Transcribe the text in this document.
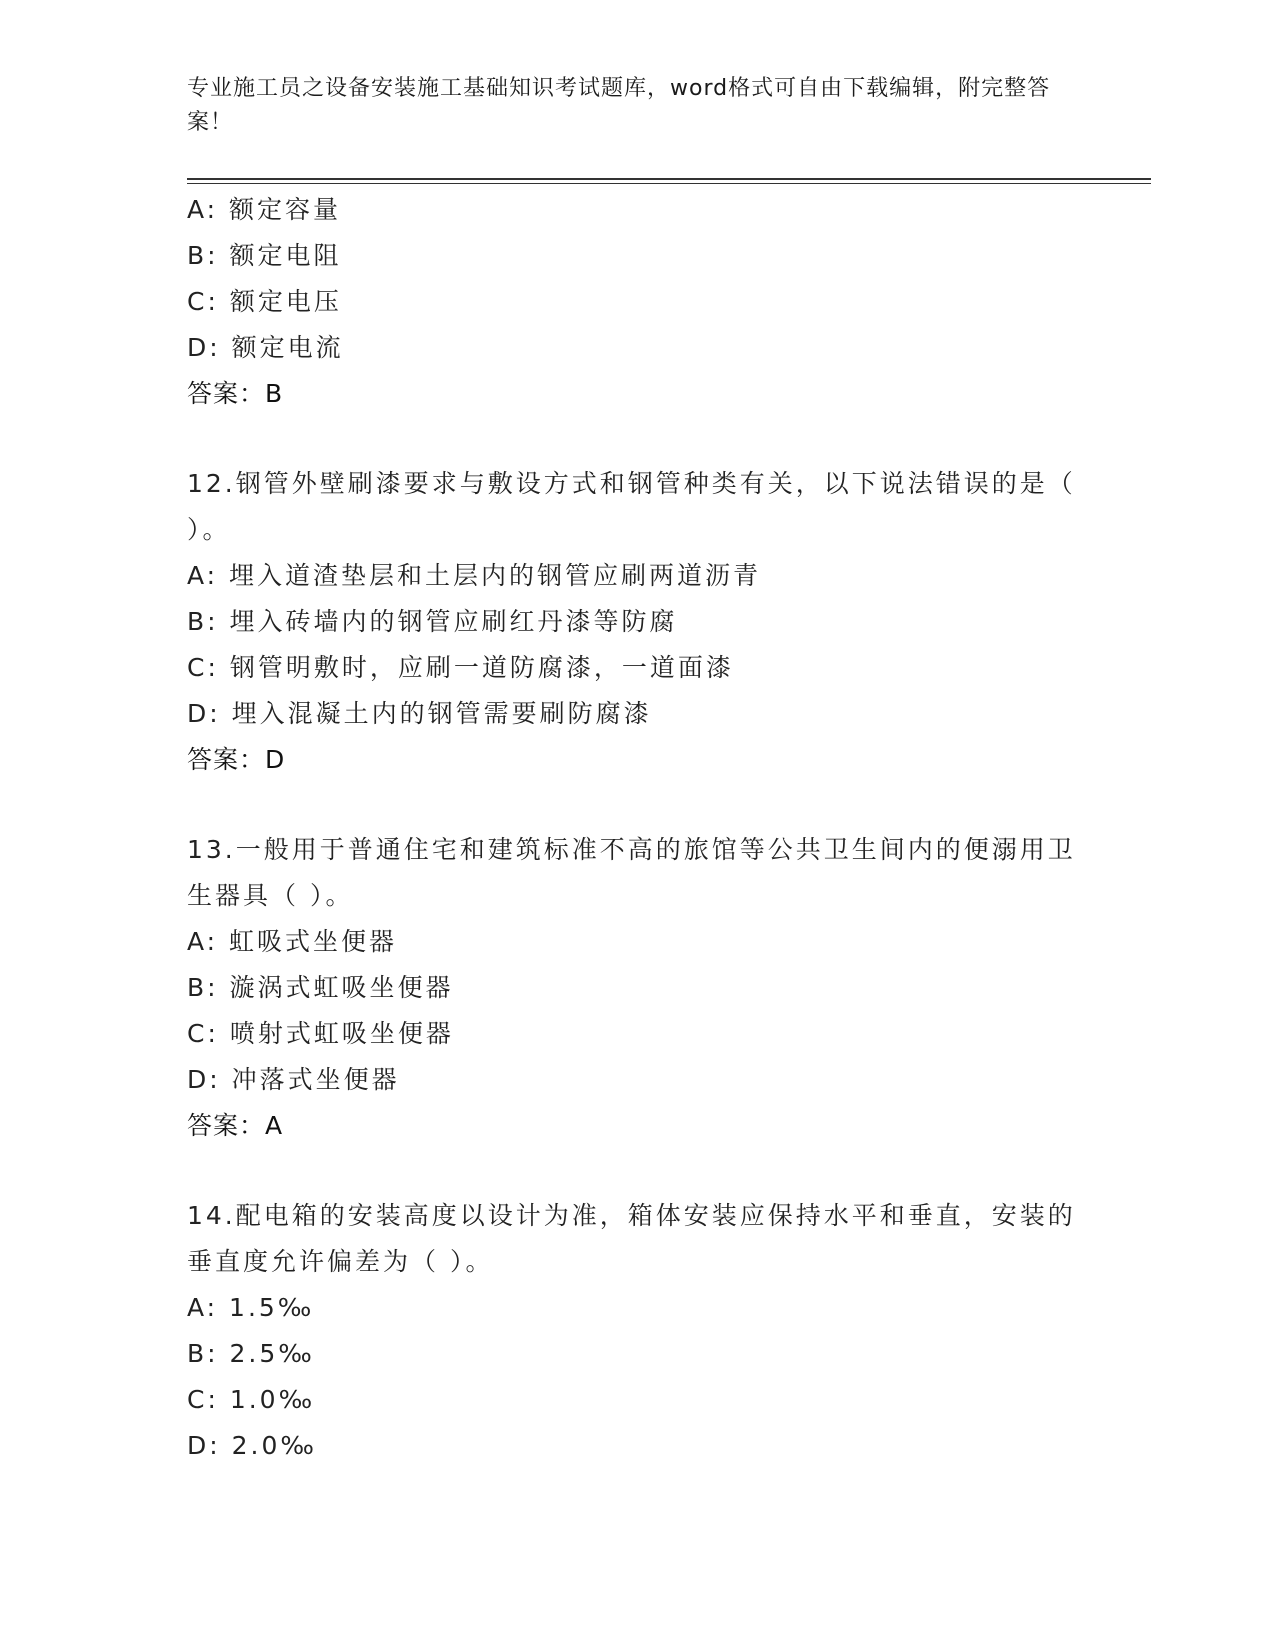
专业施工员之设备安装施工基础知识考试题库，word格式可自由下载编辑，附完整答案！
A: 额定容量
B: 额定电阻
C: 额定电压
D: 额定电流
答案：B
12.钢管外壁刷漆要求与敷设方式和钢管种类有关，以下说法错误的是（ ）。
A: 埋入道渣垫层和土层内的钢管应刷两道沥青
B: 埋入砖墙内的钢管应刷红丹漆等防腐
C: 钢管明敷时，应刷一道防腐漆，一道面漆
D: 埋入混凝土内的钢管需要刷防腐漆
答案：D
13.一般用于普通住宅和建筑标准不高的旅馆等公共卫生间内的便溺用卫生器具（ ）。
A: 虹吸式坐便器
B: 漩涡式虹吸坐便器
C: 喷射式虹吸坐便器
D: 冲落式坐便器
答案：A
14.配电箱的安装高度以设计为准，箱体安装应保持水平和垂直，安装的垂直度允许偏差为（ ）。
A: 1.5‰
B: 2.5‰
C: 1.0‰
D: 2.0‰
